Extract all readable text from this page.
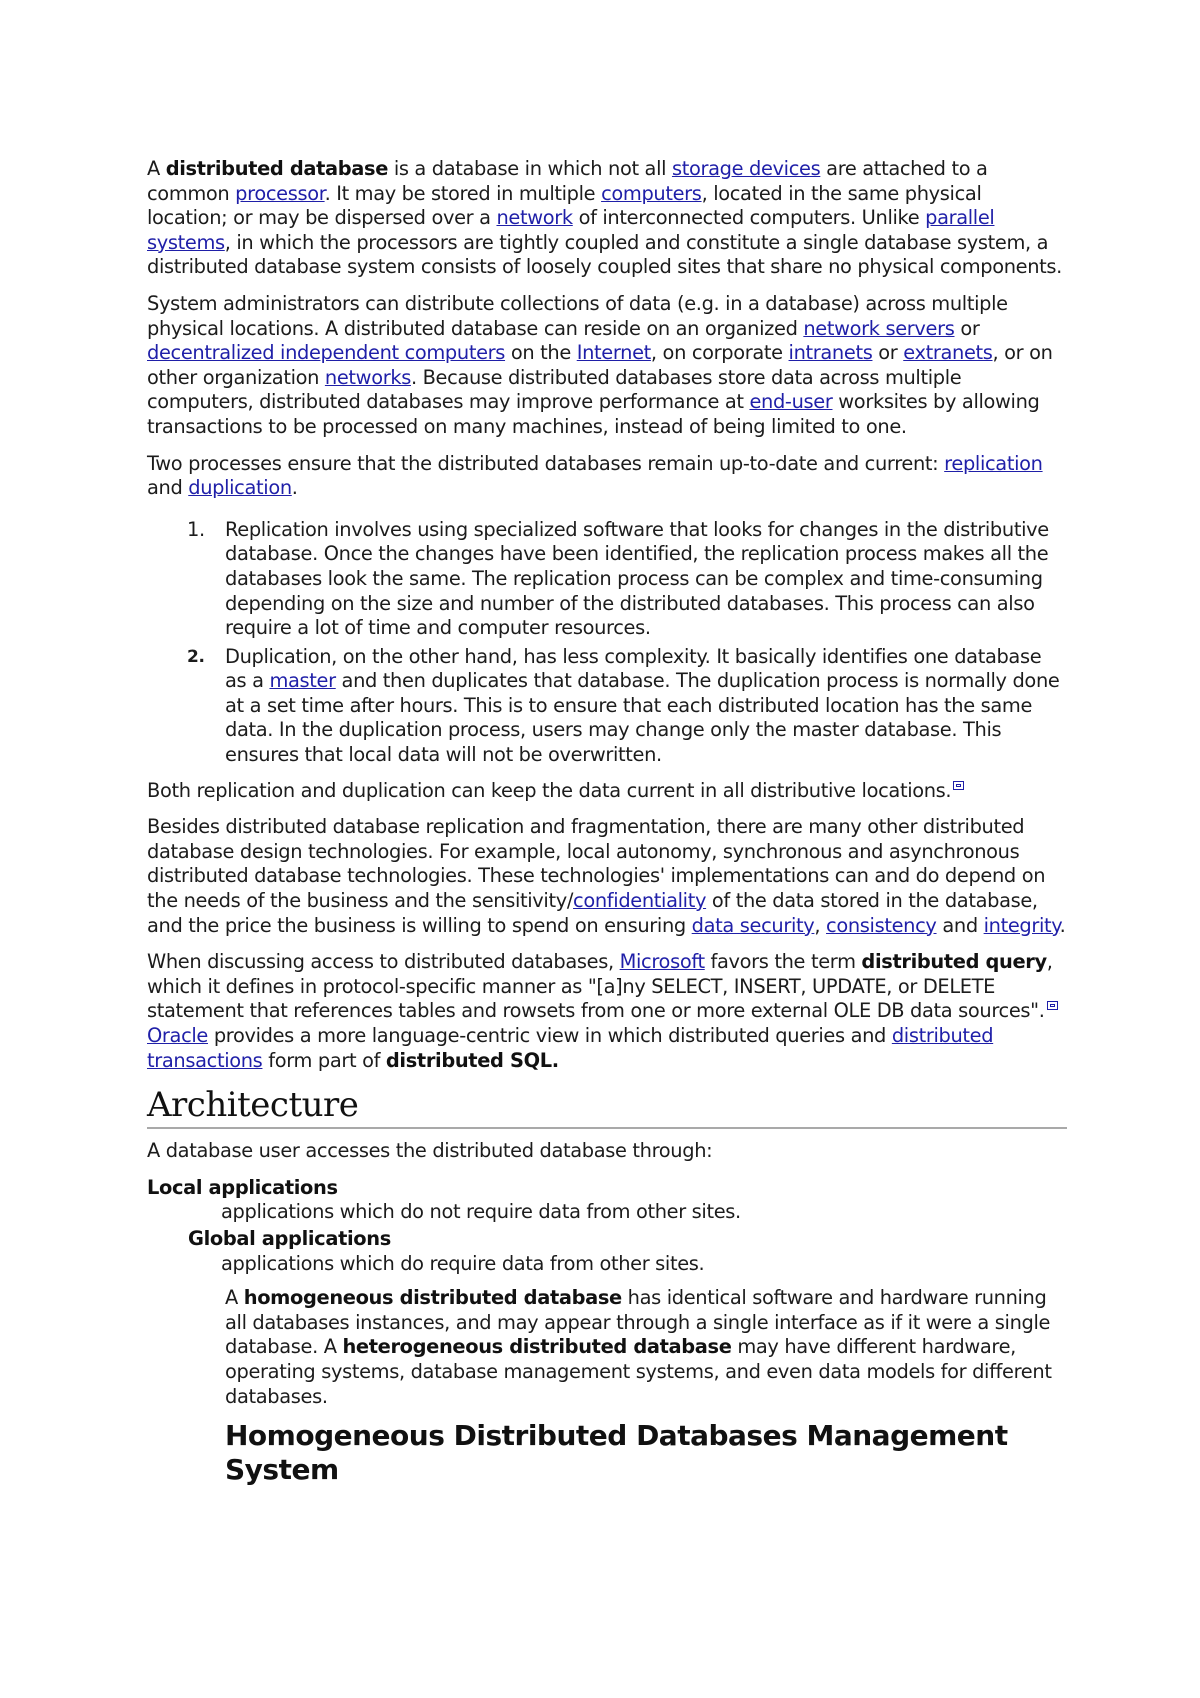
A distributed database is a database in which not all storage devices are attached to a common processor. It may be stored in multiple computers, located in the same physical location; or may be dispersed over a network of interconnected computers. Unlike parallel systems, in which the processors are tightly coupled and constitute a single database system, a distributed database system consists of loosely coupled sites that share no physical components.

System administrators can distribute collections of data (e.g. in a database) across multiple physical locations. A distributed database can reside on an organized network servers or decentralized independent computers on the Internet, on corporate intranets or extranets, or on other organization networks. Because distributed databases store data across multiple computers, distributed databases may improve performance at end-user worksites by allowing transactions to be processed on many machines, instead of being limited to one.

Two processes ensure that the distributed databases remain up-to-date and current: replication and duplication.

1. Replication involves using specialized software that looks for changes in the distributive database. Once the changes have been identified, the replication process makes all the databases look the same. The replication process can be complex and time-consuming depending on the size and number of the distributed databases. This process can also require a lot of time and computer resources.
2. Duplication, on the other hand, has less complexity. It basically identifies one database as a master and then duplicates that database. The duplication process is normally done at a set time after hours. This is to ensure that each distributed location has the same data. In the duplication process, users may change only the master database. This ensures that local data will not be overwritten.

Both replication and duplication can keep the data current in all distributive locations.

Besides distributed database replication and fragmentation, there are many other distributed database design technologies. For example, local autonomy, synchronous and asynchronous distributed database technologies. These technologies' implementations can and do depend on the needs of the business and the sensitivity/confidentiality of the data stored in the database, and the price the business is willing to spend on ensuring data security, consistency and integrity.

When discussing access to distributed databases, Microsoft favors the term distributed query, which it defines in protocol-specific manner as "[a]ny SELECT, INSERT, UPDATE, or DELETE statement that references tables and rowsets from one or more external OLE DB data sources". Oracle provides a more language-centric view in which distributed queries and distributed transactions form part of distributed SQL.

Architecture

A database user accesses the distributed database through:

Local applications
applications which do not require data from other sites.
Global applications
applications which do require data from other sites.

A homogeneous distributed database has identical software and hardware running all databases instances, and may appear through a single interface as if it were a single database. A heterogeneous distributed database may have different hardware, operating systems, database management systems, and even data models for different databases.

Homogeneous Distributed Databases Management System
